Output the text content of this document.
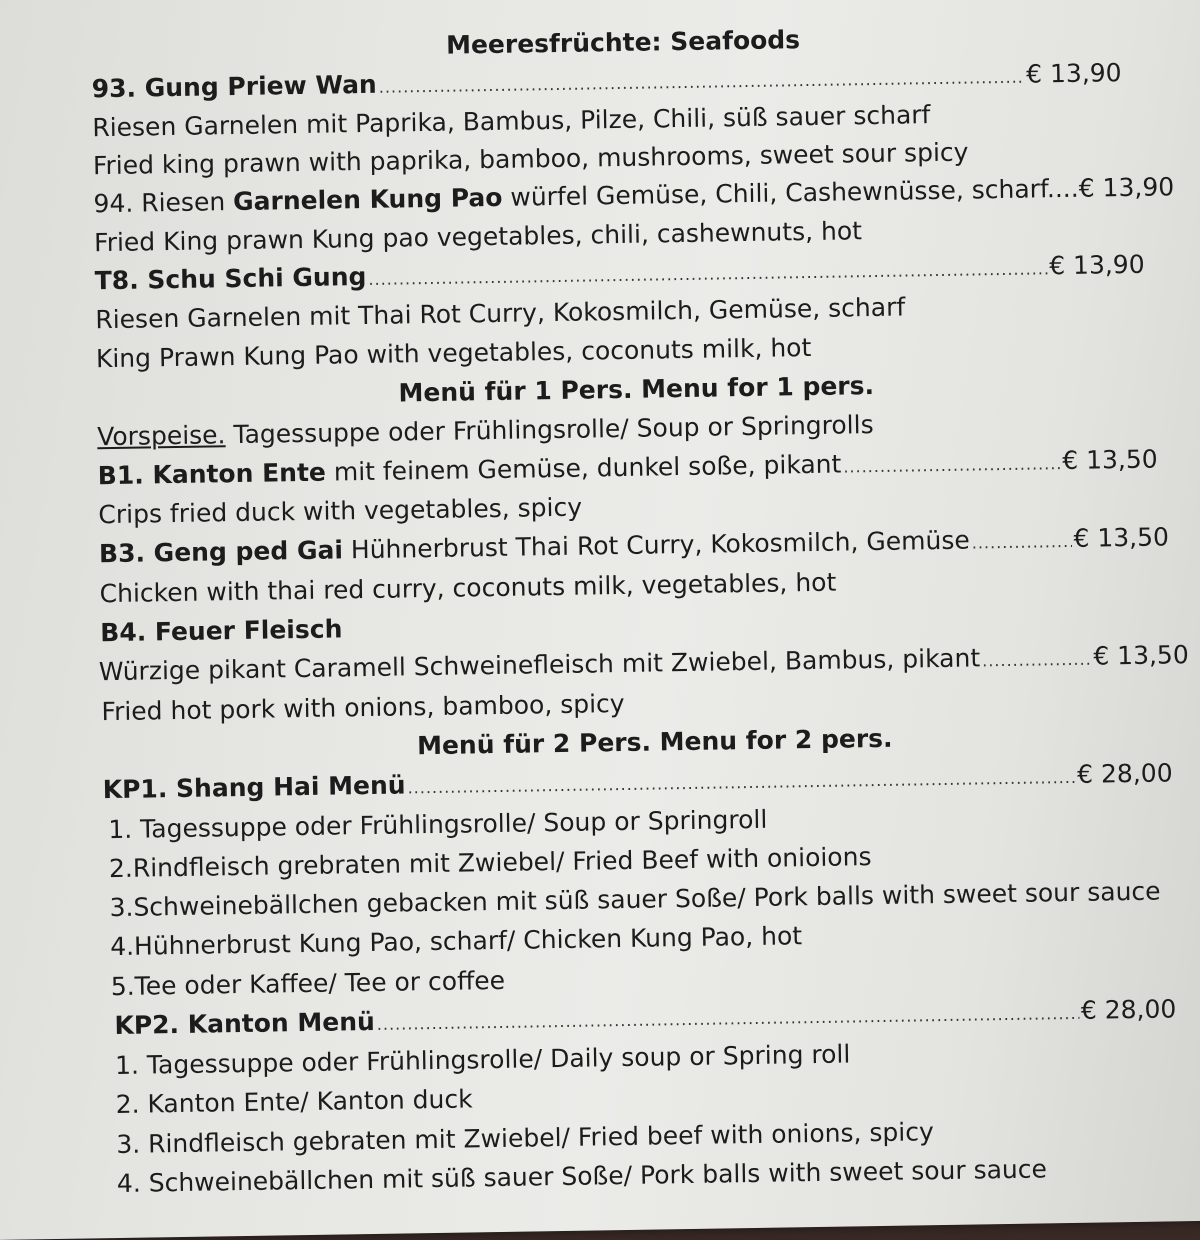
Meeresfrüchte: Seafoods
93. Gung Priew Wan .....	€ 13,90
Riesen Garnelen mit Paprika, Bambus, Pilze, Chili, süß sauer scharf
Fried king prawn with paprika, bamboo, mushrooms, sweet sour spicy
94. Riesen
Garnelen Kung Pao
würfel Gemüse, Chili, Cashewnüsse, scharf.... € 13,90
Fried King prawn Kung pao vegetables, chili, cashewnuts, hot
T8. Schu Schi Gung .....	€ 13,90
Riesen Garnelen mit Thai Rot Curry, Kokosmilch, Gemüse, scharf
King Prawn Kung Pao with vegetables, coconuts milk, hot
Menü für 1 Pers. Menu for 1 pers.
Vorspeise. Tagessuppe oder Frühlingsrolle/ Soup or Springrolls
B1. Kanton Ente
mit feinem Gemüse, dunkel soße, pikant .....	€ 13,50
Crips fried duck with vegetables, spicy
B3. Geng ped Gai
Hühnerbrust Thai Rot Curry, Kokosmilch, Gemüse .....	€ 13,50
Chicken with thai red curry, coconuts milk, vegetables, hot
B4. Feuer Fleisch
Würzige pikant Caramell Schweinefleisch mit Zwiebel, Bambus, pikant .....	€ 13,50
Fried hot pork with onions, bamboo, spicy
Menü für 2 Pers. Menu for 2 pers.
KP1. Shang Hai Menü .....	€ 28,00
1. Tagessuppe oder Frühlingsrolle/ Soup or Springroll
2.Rindfleisch grebraten mit Zwiebel/ Fried Beef with onioions
3.Schweinebällchen gebacken mit süß sauer Soße/ Pork balls with sweet sour sauce
4.Hühnerbrust Kung Pao, scharf/ Chicken Kung Pao, hot
5.Tee oder Kaffee/ Tee or coffee
KP2. Kanton Menü .....	€ 28,00
1. Tagessuppe oder Frühlingsrolle/ Daily soup or Spring roll
2. Kanton Ente/ Kanton duck
3. Rindfleisch gebraten mit Zwiebel/ Fried beef with onions, spicy
4. Schweinebällchen mit süß sauer Soße/ Pork balls with sweet sour sauce
